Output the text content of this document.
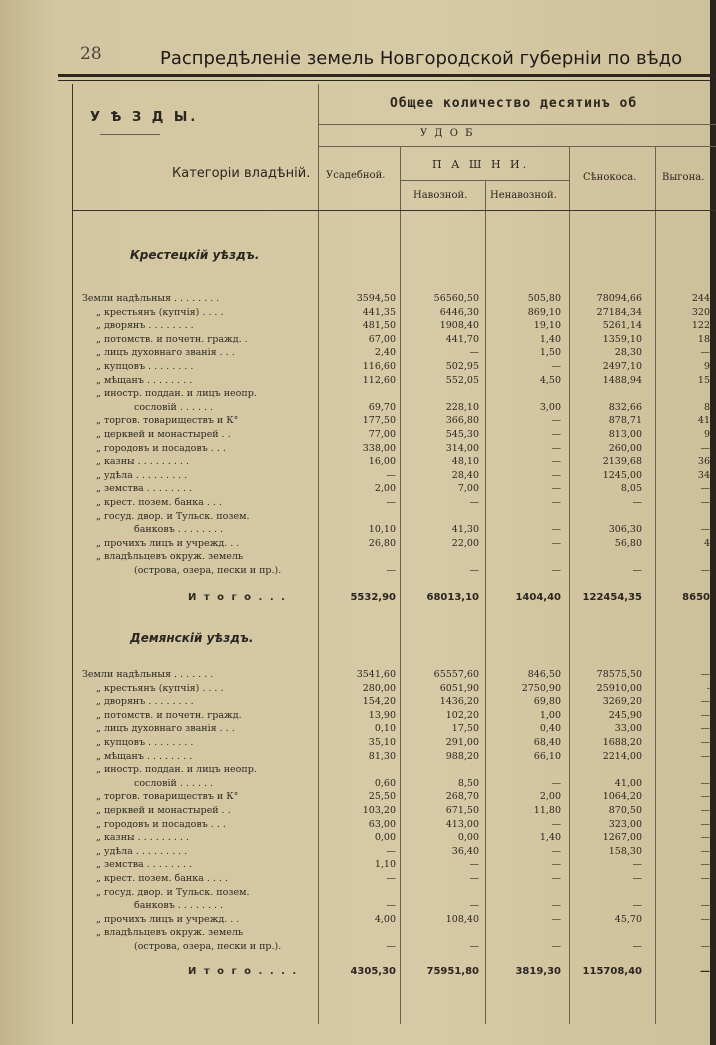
28	Распредѣленіе земель Новгородской губерніи по вѣдо
У Ѣ З Д Ы.
Категоріи владѣній.
Общее количество десятинъ об
У Д О Б
Усадебной.
П А Ш Н И.
Навозной. Ненавозной.
Сѣнокоса.	Выгона.
Крестецкій уѣздъ.
Земли надѣльныя . . . . . . . .	3594,50	56560,50	505,80	78094,66	244
„ крестьянъ (купчія) . . . .	441,35	6446,30	869,10	27184,34	320
„ дворянъ . . . . . . . .	481,50	1908,40	19,10	5261,14	122
„ потомств. и почетн. гражд. .	67,00	441,70	1,40	1359,10	18
„ лицъ духовнаго званія . . .	2,40	—	1,50	28,30	—
„ купцовъ . . . . . . . .	116,60	502,95	—	2497,10	9
„ мѣщанъ . . . . . . . .	112,60	552,05	4,50	1488,94	15
„ иностр. поддан. и лицъ неопр.
сословій . . . . . .	69,70	228,10	3,00	832,66	8
„ торгов. товариществъ и К°	177,50	366,80	—	878,71	41
„ церквей и монастырей . .	77,00	545,30	—	813,00	9
„ городовъ и посадовъ . . .	338,00	314,00	—	260,00	—
„ казны . . . . . . . . .	16,00	48,10	—	2139,68	36
„ удѣла . . . . . . . . .	—	28,40	—	1245,00	34
„ земства . . . . . . . .	2,00	7,00	—	8,05	—
„ крест. позем. банка . . .	—	—	—	—	—
„ госуд. двор. и Тульск. позем.
банковъ . . . . . . . .	10,10	41,30	—	306,30	—
„ прочихъ лицъ и учрежд. . .	26,80	22,00	—	56,80	4
„ владѣльцевъ окруж. земель
(острова, озера, пески и пр.).	—	—	—	—	—
И т о г о . . .	5532,90	68013,10	1404,40	122454,35	8650
Демянскій уѣздъ.
Земли надѣльныя . . . . . . .	3541,60	65557,60	846,50	78575,50	—
„ крестьянъ (купчія) . . . .	280,00	6051,90	2750,90	25910,00	-
„ дворянъ . . . . . . . .	154,20	1436,20	69,80	3269,20	—
„ потомств. и почетн. гражд.	13,90	102,20	1,00	245,90	—
„ лицъ духовнаго званія . . .	0,10	17,50	0,40	33,00	—
„ купцовъ . . . . . . . .	35,10	291,00	68,40	1688,20	—
„ мѣщанъ . . . . . . . .	81,30	988,20	66,10	2214,00	—
„ иностр. поддан. и лицъ неопр.
сословій . . . . . .	0,60	8,50	—	41,00	—
„ торгов. товариществъ и К°	25,50	268,70	2,00	1064,20	—
„ церквей и монастырей . .	103,20	671,50	11,80	870,50	—
„ городовъ и посадовъ . . .	63,00	413,00	—	323,00	—
„ казны . . . . . . . . .	0,00	0,00	1,40	1267,00	—
„ удѣла . . . . . . . . .	—	36,40	—	158,30	—
„ земства . . . . . . . .	1,10	—	—	—	—
„ крест. позем. банка . . . .	—	—	—	—	—
„ госуд. двор. и Тульск. позем.
банковъ . . . . . . . .	—	—	—	—	—
„ прочихъ лицъ и учрежд. . .	4,00	108,40	—	45,70	—
„ владѣльцевъ окруж. земель
(острова, озера, пески и пр.).	—	—	—	—	—
И т о г о . . . .	4305,30	75951,80	3819,30	115708,40	—
